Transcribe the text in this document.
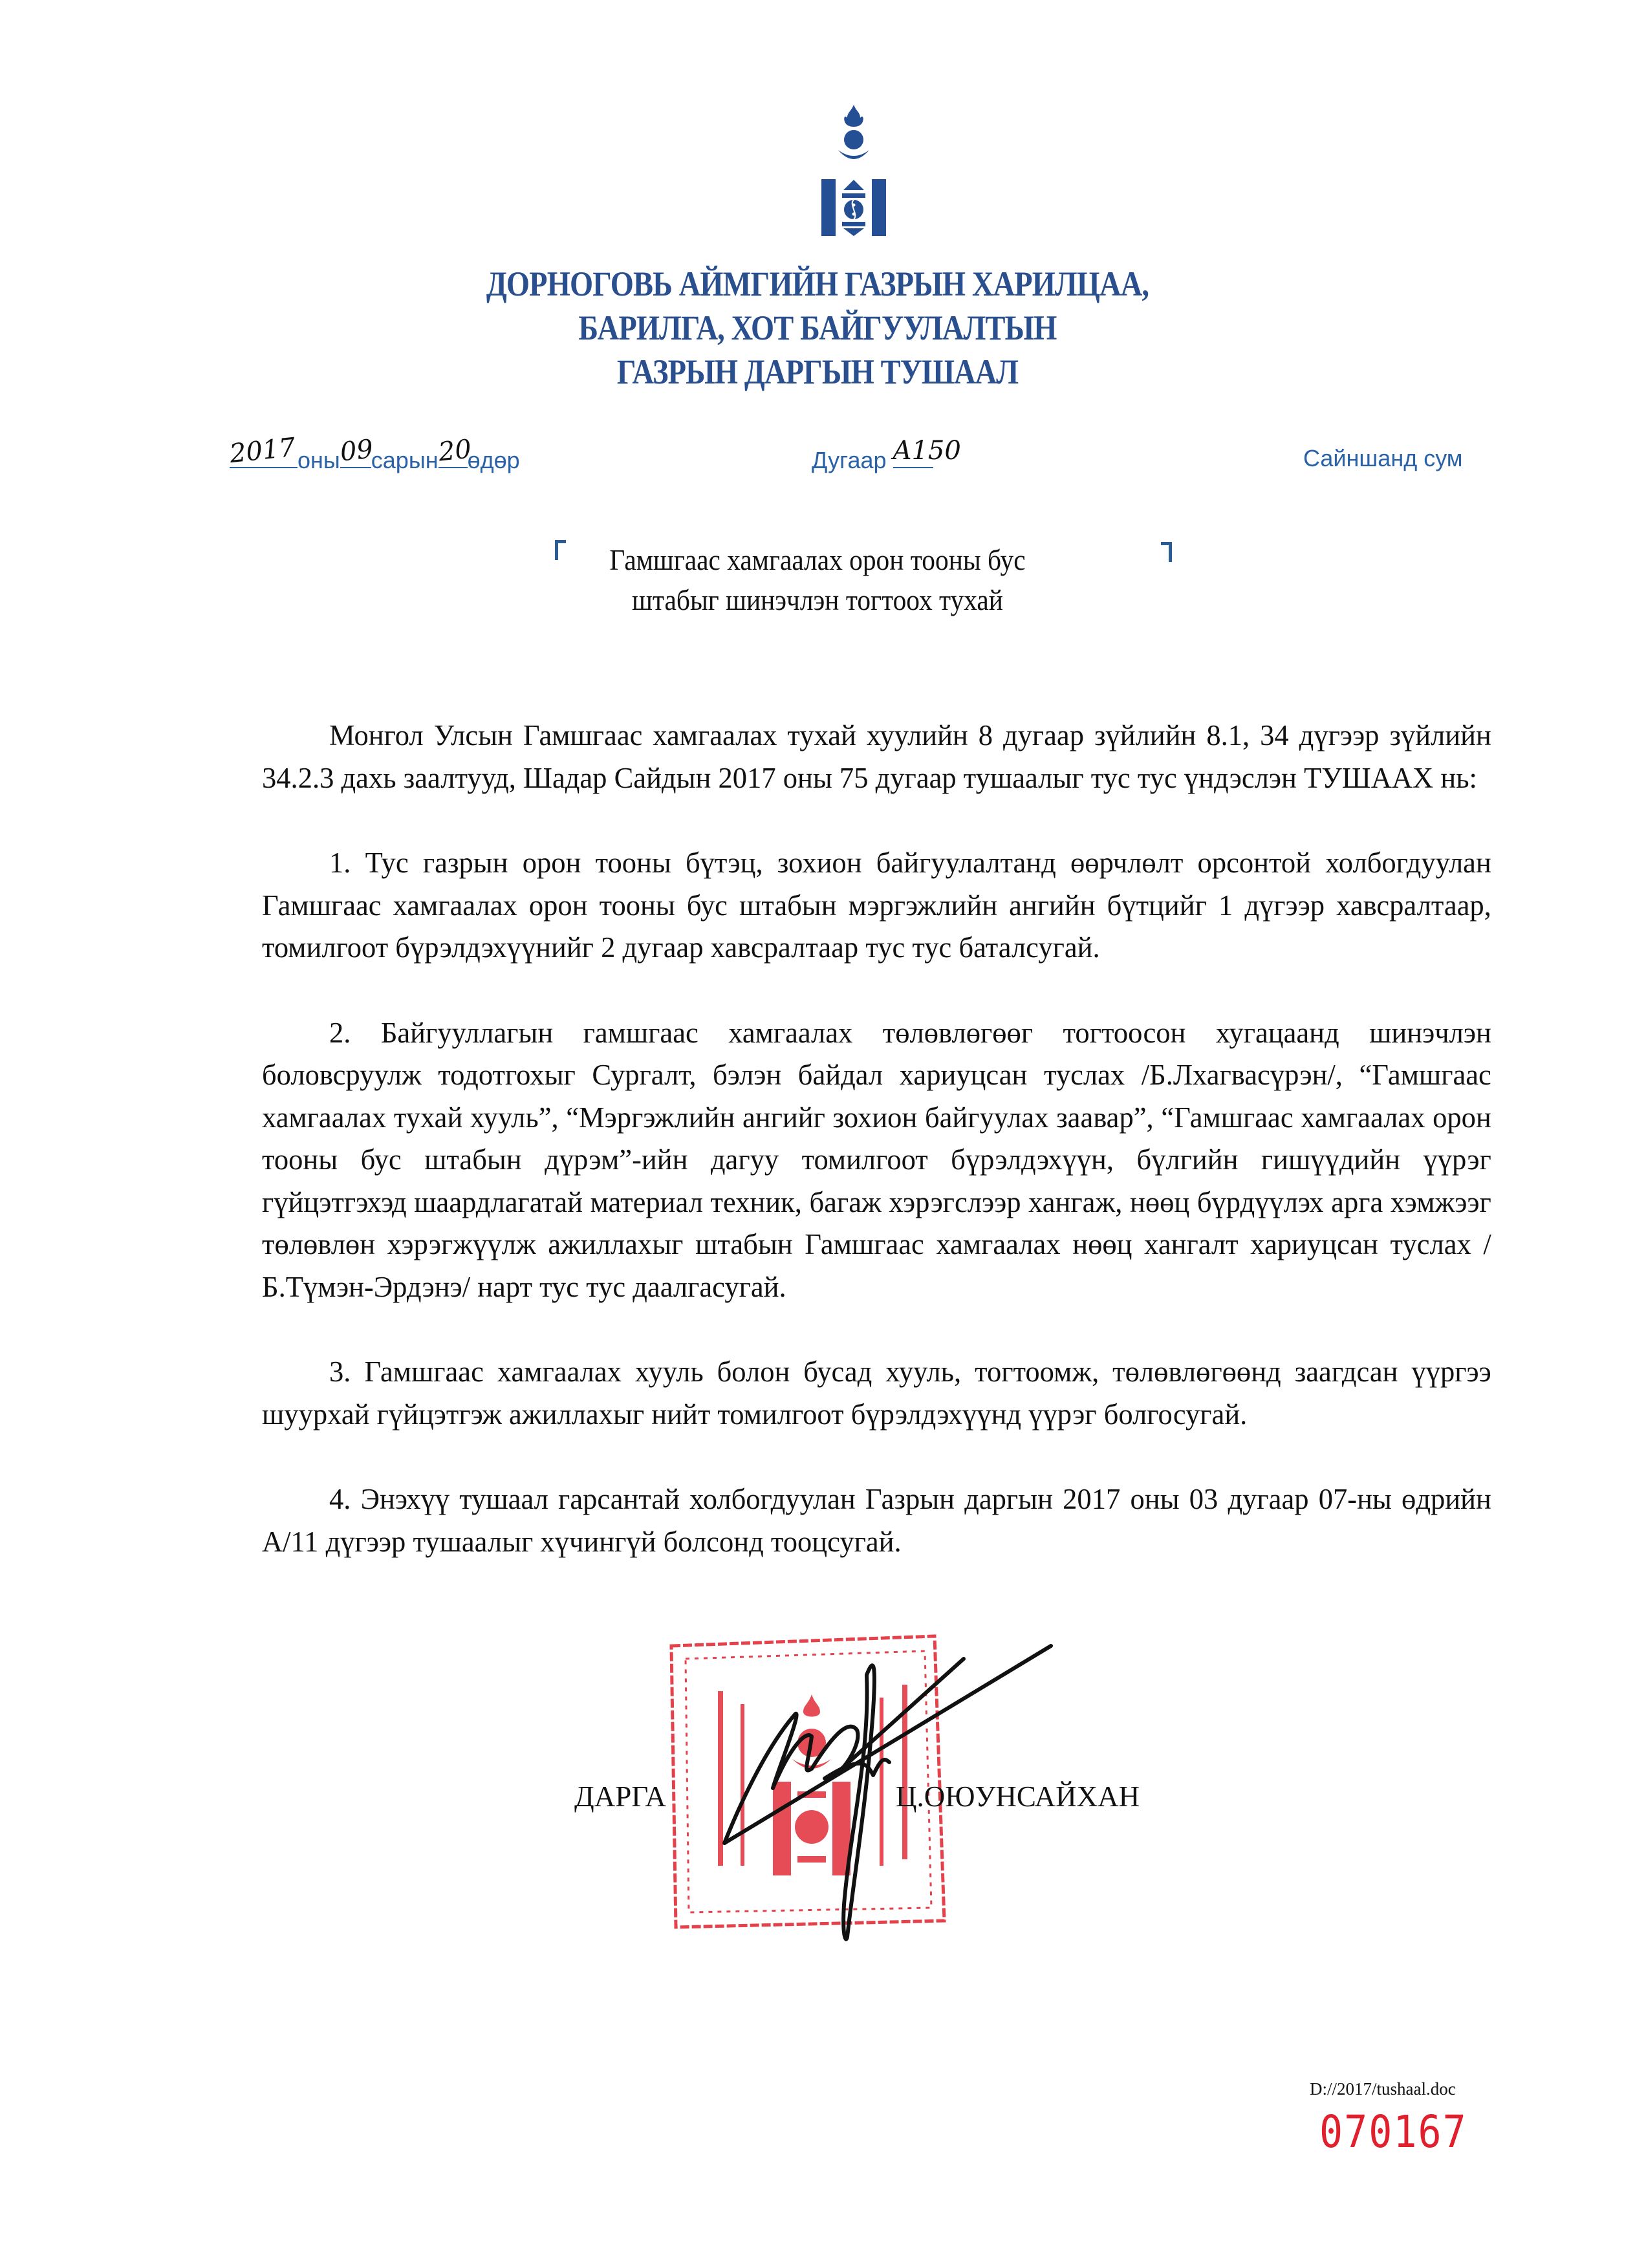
ДОРНОГОВЬ АЙМГИЙН ГАЗРЫН ХАРИЛЦАА,
БАРИЛГА, ХОТ БАЙГУУЛАЛТЫН
ГАЗРЫН ДАРГЫН ТУШААЛ
2017 оны
09
сарын
20
өдөр	Дугаар A150	Сайншанд сум
Гамшгаас хамгаалах орон тооны бус
штабыг шинэчлэн тогтоох тухай

Монгол Улсын Гамшгаас хамгаалах тухай хуулийн 8 дугаар зүйлийн 8.1, 34 дүгээр зүйлийн 34.2.3 дахь заалтууд, Шадар Сайдын 2017 оны 75 дугаар тушаалыг тус тус үндэслэн ТУШААХ нь:

1. Тус газрын орон тооны бүтэц, зохион байгуулалтанд өөрчлөлт орсонтой холбогдуулан Гамшгаас хамгаалах орон тооны бус штабын мэргэжлийн ангийн бүтцийг 1 дүгээр хавсралтаар, томилгоот бүрэлдэхүүнийг 2 дугаар хавсралтаар тус тус баталсугай.

2. Байгууллагын гамшгаас хамгаалах төлөвлөгөөг тогтоосон хугацаанд шинэчлэн боловсруулж тодотгохыг Сургалт, бэлэн байдал хариуцсан туслах /Б.Лхагвасүрэн/, “Гамшгаас хамгаалах тухай хууль”, “Мэргэжлийн ангийг зохион байгуулах заавар”, “Гамшгаас хамгаалах орон тооны бус штабын дүрэм”-ийн дагуу томилгоот бүрэлдэхүүн, бүлгийн гишүүдийн үүрэг гүйцэтгэхэд шаардлагатай материал техник, багаж хэрэгслээр хангаж, нөөц бүрдүүлэх арга хэмжээг төлөвлөн хэрэгжүүлж ажиллахыг штабын Гамшгаас хамгаалах нөөц хангалт хариуцсан туслах /Б.Түмэн-Эрдэнэ/ нарт тус тус даалгасугай.

3. Гамшгаас хамгаалах хууль болон бусад хууль, тогтоомж, төлөвлөгөөнд заагдсан үүргээ шуурхай гүйцэтгэж ажиллахыг нийт томилгоот бүрэлдэхүүнд үүрэг болгосугай.

4. Энэхүү тушаал гарсантай холбогдуулан Газрын даргын 2017 оны 03 дугаар 07-ны өдрийн А/11 дүгээр тушаалыг хүчингүй болсонд тооцсугай.

ДАРГА	Ц.ОЮУНСАЙХАН
D://2017/tushaal.doc
070167
